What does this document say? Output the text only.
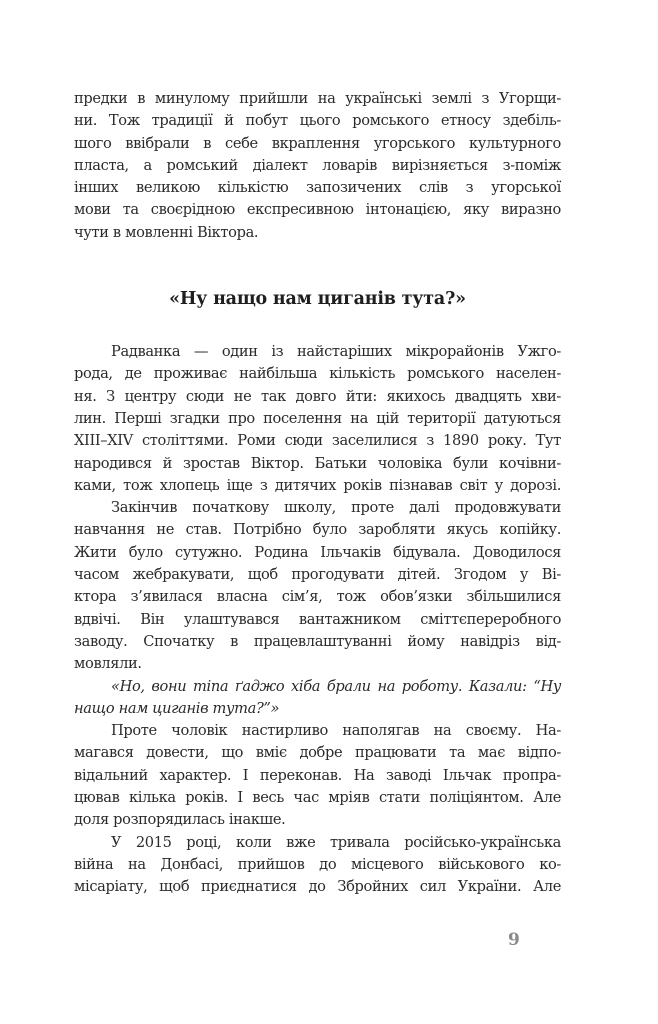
предки в минулому прийшли на українські землі з Угорщи-
ни. Тож традиції й побут цього ромського етносу здебіль-
шого ввібрали в себе вкраплення угорського культурного
пласта, а ромський діалект ловарів вирізняється з-поміж
інших великою кількістю запозичених слів з угорської
мови та своєрідною експресивною інтонацією, яку виразно
чути в мовленні Віктора.
«Ну нащо нам циганів тута?»
Радванка — один із найстаріших мікрорайонів Ужго-
рода, де проживає найбільша кількість ромського населен-
ня. З центру сюди не так довго йти: якихось двадцять хви-
лин. Перші згадки про поселення на цій території датуються
XIII–XIV століттями. Роми сюди заселилися з 1890 року. Тут
народився й зростав Віктор. Батьки чоловіка були кочівни-
ками, тож хлопець іще з дитячих років пізнавав світ у дорозі.
Закінчив початкову школу, проте далі продовжувати
навчання не став. Потрібно було заробляти якусь копійку.
Жити було сутужно. Родина Ільчаків бідувала. Доводилося
часом жебракувати, щоб прогодувати дітей. Згодом у Ві-
ктора з’явилася власна сім’я, тож обов’язки збільшилися
вдвічі. Він улаштувався вантажником сміттєпереробного
заводу. Спочатку в працевлаштуванні йому навідріз від-
мовляли.
«Но, вони тіпа ґаджо хіба брали на роботу. Казали: “Ну
нащо нам циганів тута?”»
Проте чоловік настирливо наполягав на своєму. На-
магався довести, що вміє добре працювати та має відпо-
відальний характер. І переконав. На заводі Ільчак пропра-
цював кілька років. І весь час мріяв стати поліціянтом. Але
доля розпорядилась інакше.
У 2015 році, коли вже тривала російсько-українська
війна на Донбасі, прийшов до місцевого військового ко-
місаріату, щоб приєднатися до Збройних сил України. Але
9
